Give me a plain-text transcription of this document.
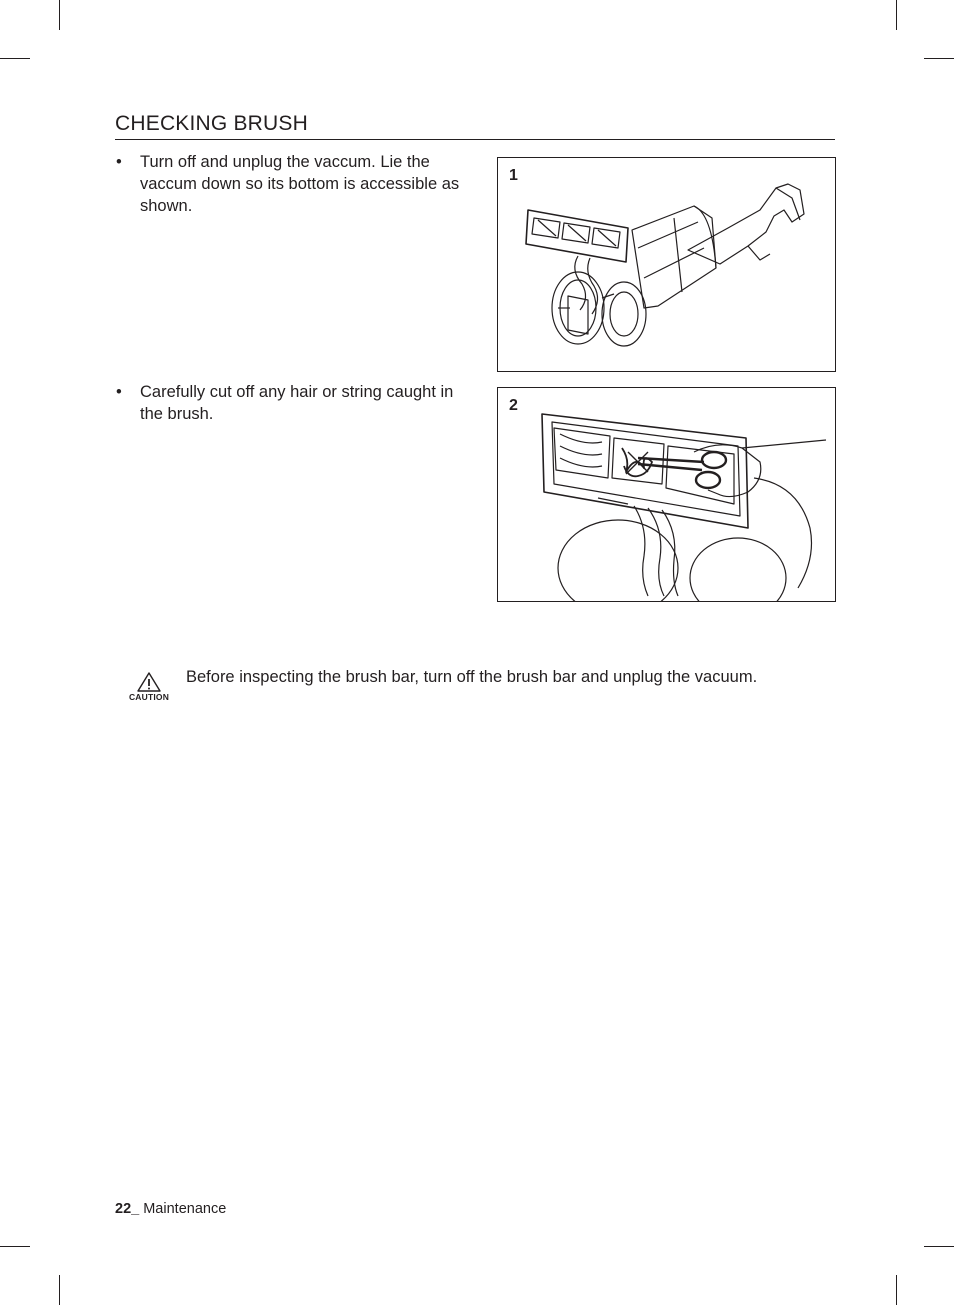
CHECKING BRUSH
• Turn off and unplug the vaccum. Lie the vaccum down so its bottom is accessible as shown.
1
• Carefully cut off any hair or string caught in the brush.	2
CAUTION
Before inspecting the brush bar, turn off the brush bar and unplug the vacuum.
22_ Maintenance
